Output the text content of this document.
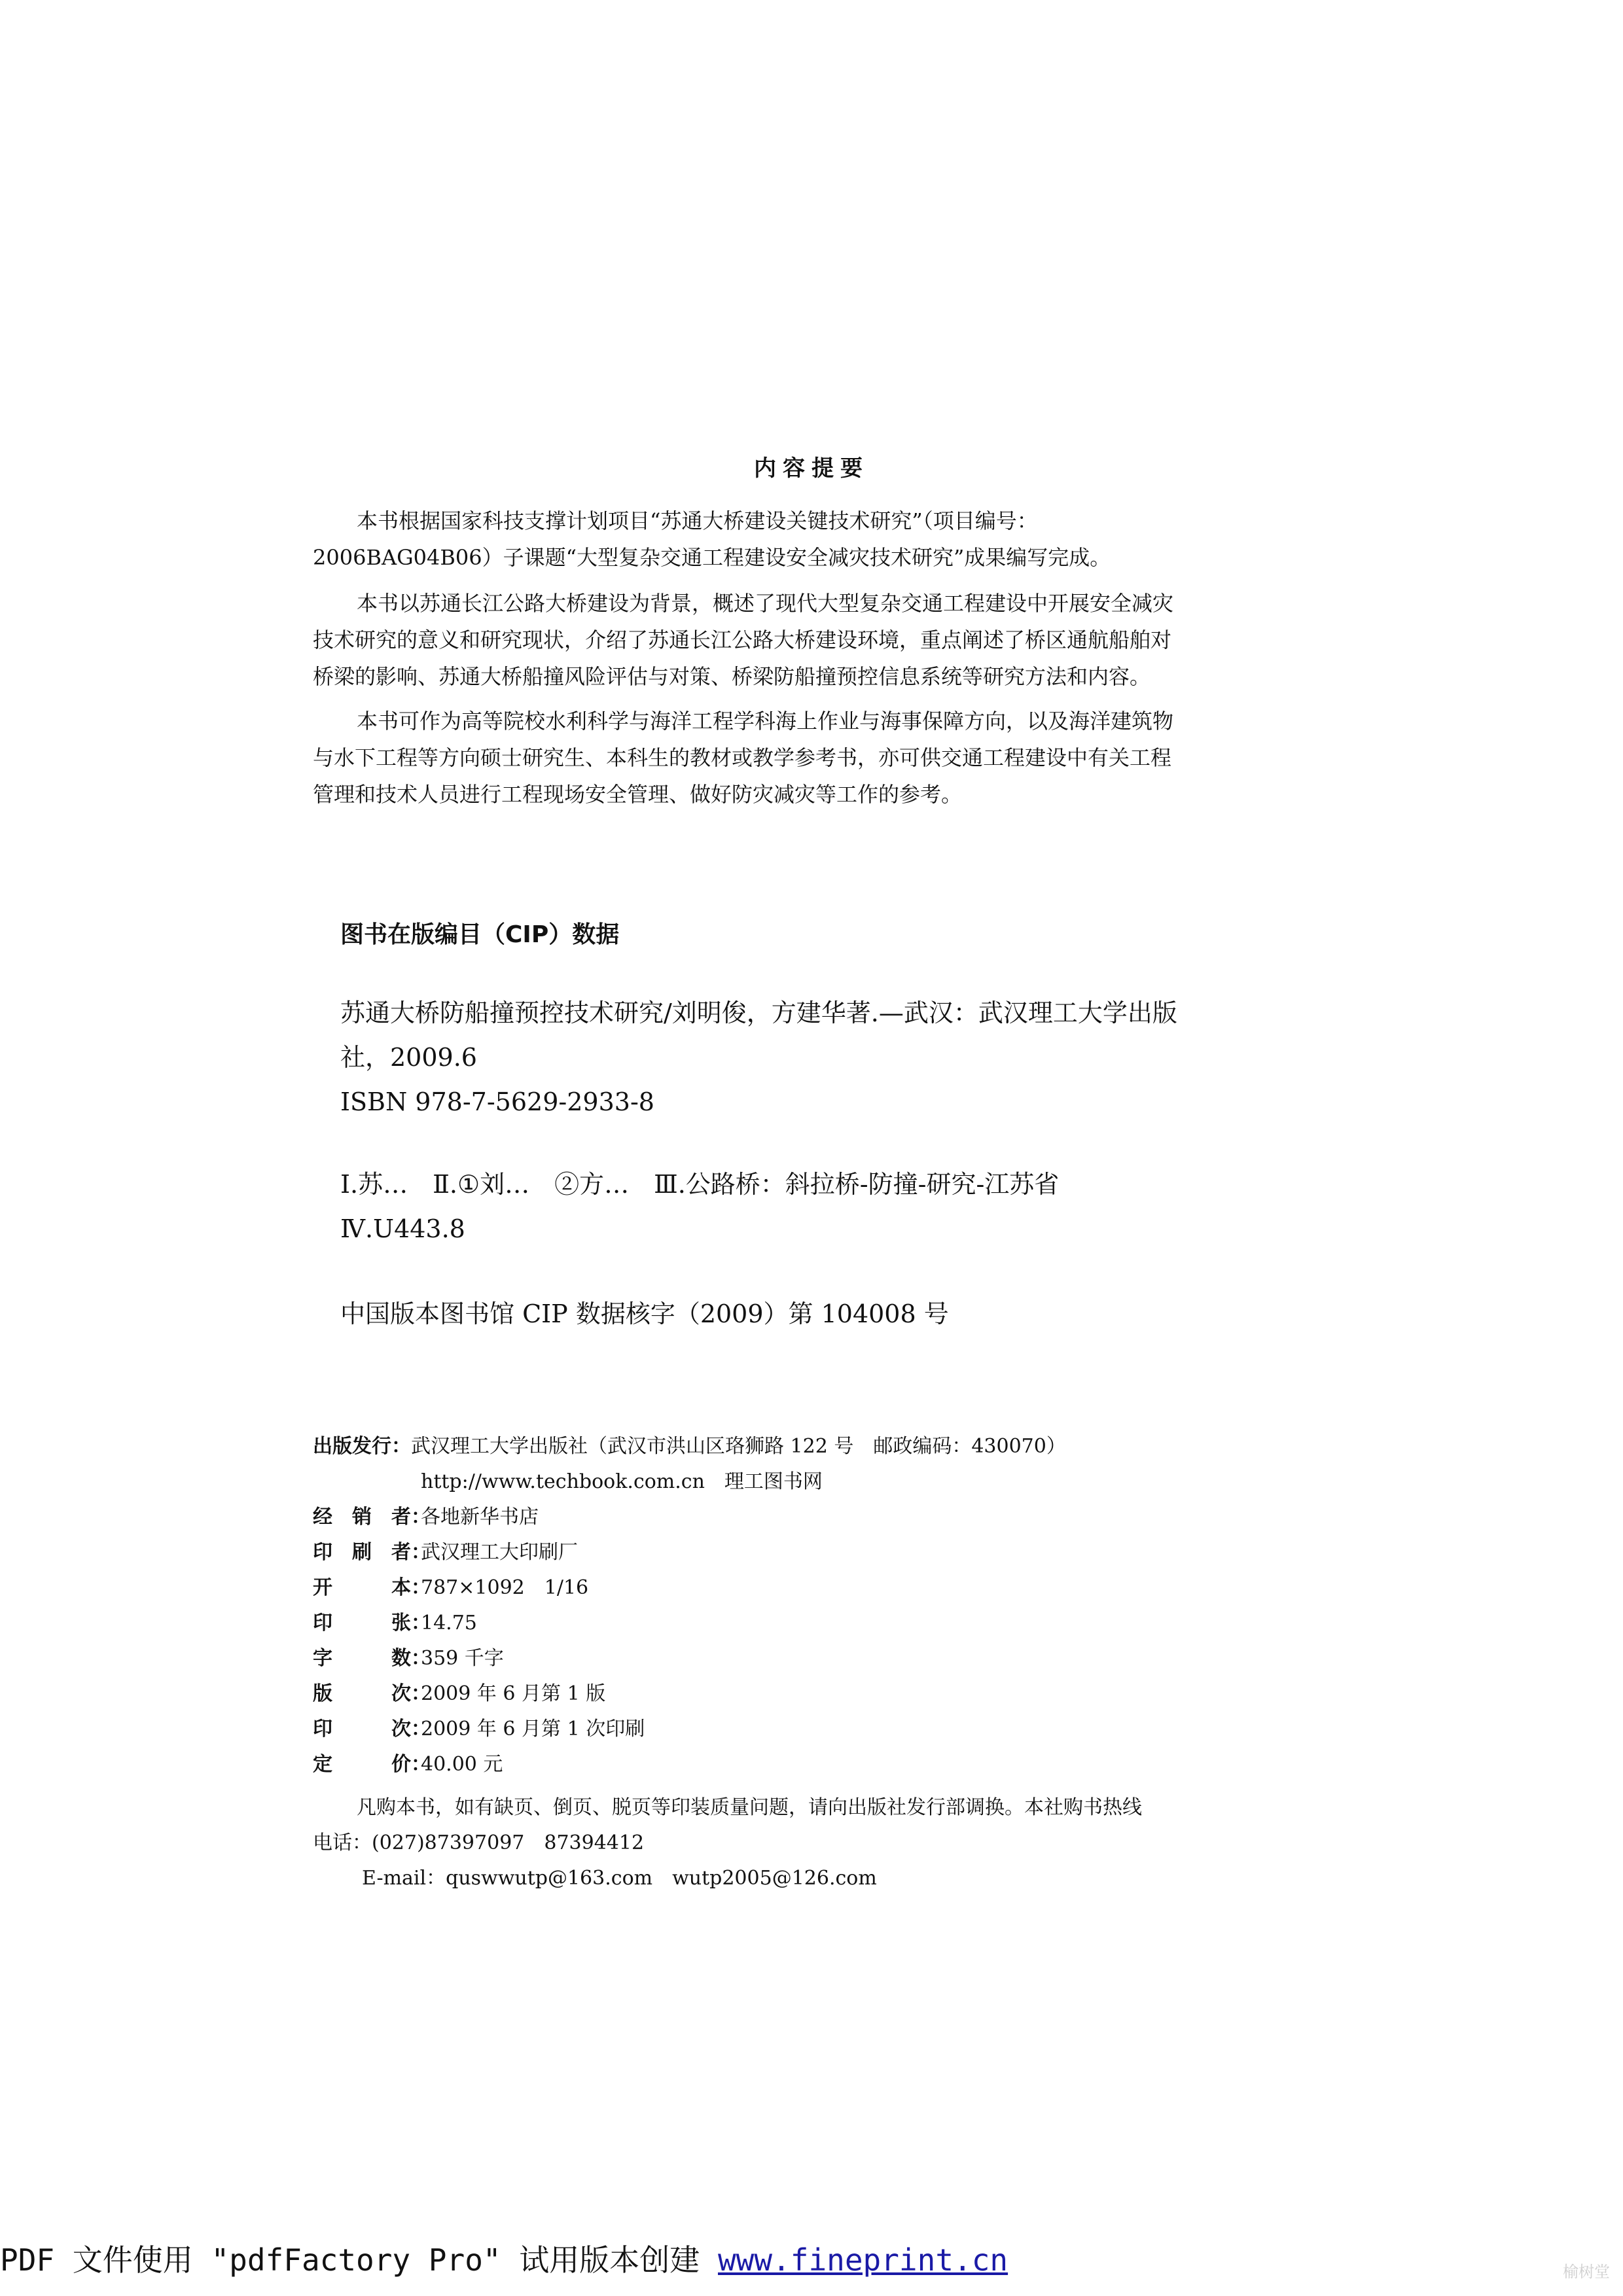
内容提要
本书根据国家科技支撑计划项目“苏通大桥建设关键技术研究”（项目编号：
2006BAG04B06）子课题“大型复杂交通工程建设安全减灾技术研究”成果编写完成。
本书以苏通长江公路大桥建设为背景，概述了现代大型复杂交通工程建设中开展安全减灾
技术研究的意义和研究现状，介绍了苏通长江公路大桥建设环境，重点阐述了桥区通航船舶对
桥梁的影响、苏通大桥船撞风险评估与对策、桥梁防船撞预控信息系统等研究方法和内容。
本书可作为高等院校水利科学与海洋工程学科海上作业与海事保障方向，以及海洋建筑物
与水下工程等方向硕士研究生、本科生的教材或教学参考书，亦可供交通工程建设中有关工程
管理和技术人员进行工程现场安全管理、做好防灾减灾等工作的参考。
图书在版编目（CIP）数据
苏通大桥防船撞预控技术研究/刘明俊，方建华著.—武汉：武汉理工大学出版
社，2009.6
ISBN 978-7-5629-2933-8
Ⅰ.苏…　Ⅱ.①刘…　②方…　Ⅲ.公路桥：斜拉桥-防撞-研究-江苏省
Ⅳ.U443.8
中国版本图书馆 CIP 数据核字（2009）第 104008 号
出版发行：武汉理工大学出版社（武汉市洪山区珞狮路 122 号　邮政编码：430070）
http://www.techbook.com.cn　理工图书网
经　销　者：各地新华书店
印　刷　者：武汉理工大印刷厂
开　　　本：787×1092　1/16
印　　　张：14.75
字　　　数：359 千字
版　　　次：2009 年 6 月第 1 版
印　　　次：2009 年 6 月第 1 次印刷
定　　　价：40.00 元
凡购本书，如有缺页、倒页、脱页等印装质量问题，请向出版社发行部调换。本社购书热线
电话：(027)87397097　87394412
E-mail：quswwutp@163.com　wutp2005@126.com
PDF 文件使用 "pdfFactory Pro" 试用版本创建 www.fineprint.cn	榆树堂
